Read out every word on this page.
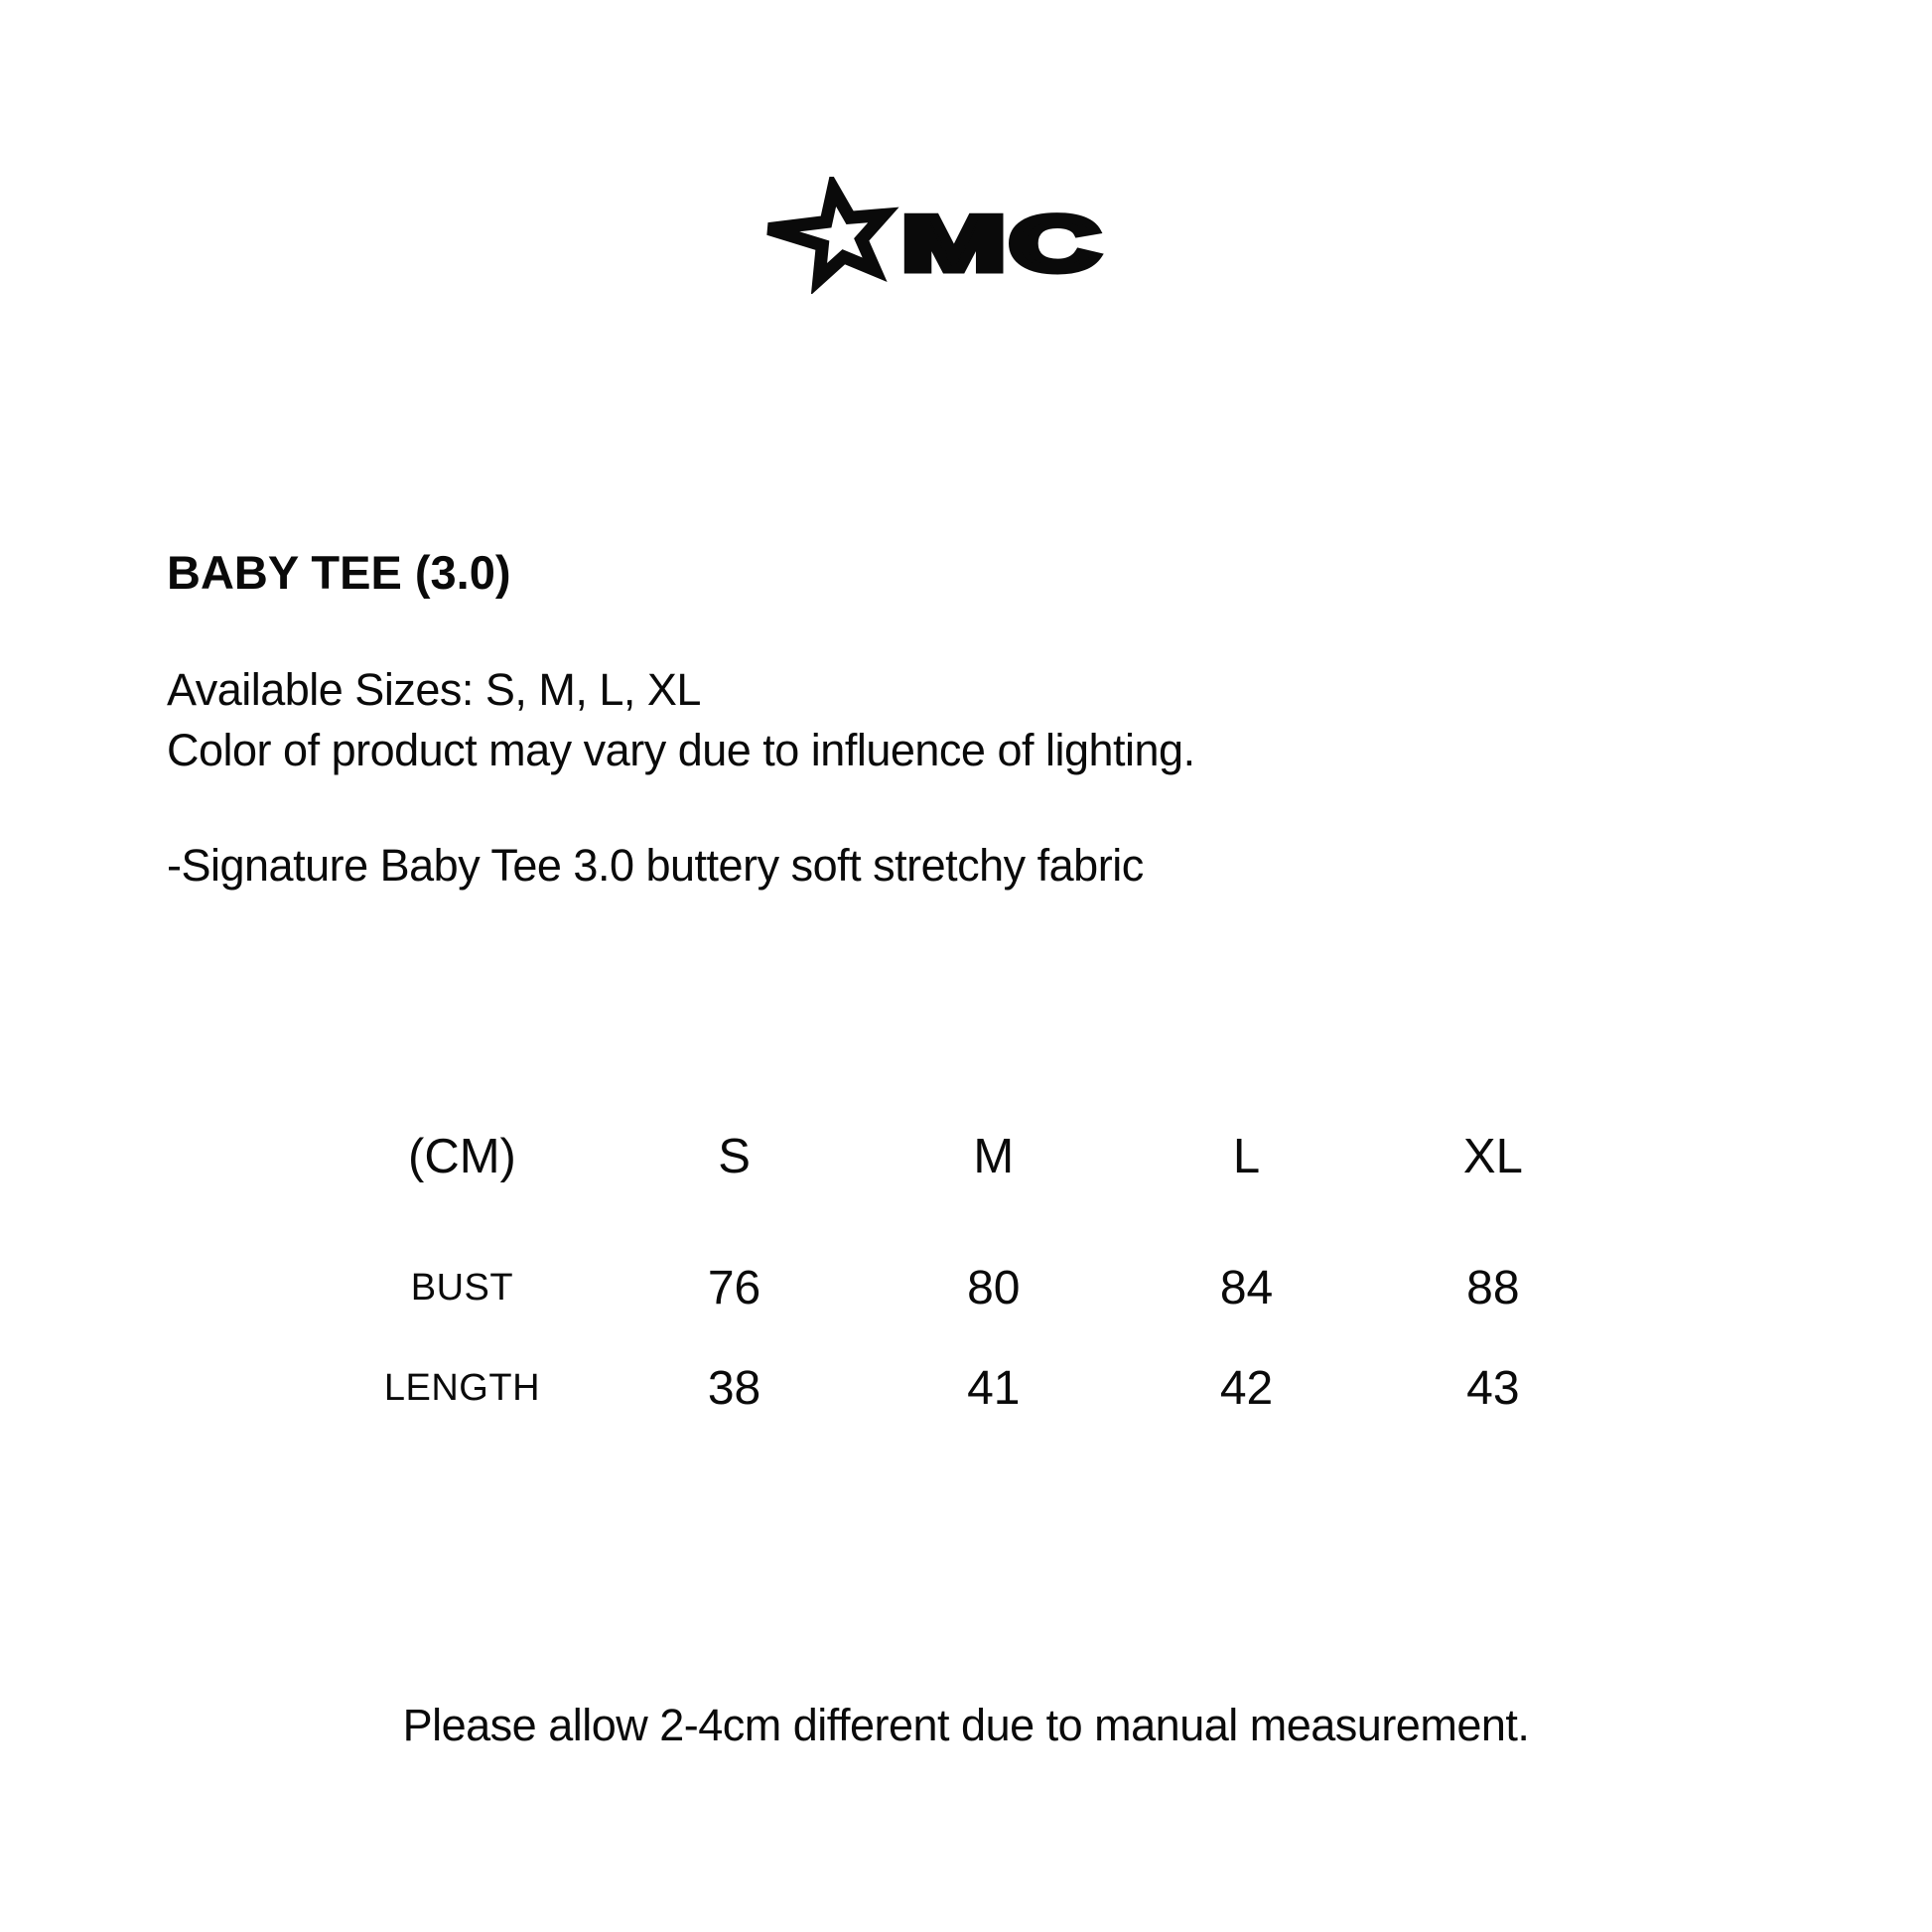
MC
BABY TEE (3.0)
Available Sizes: S, M, L, XL
Color of product may vary due to influence of lighting.
-Signature Baby Tee 3.0 buttery soft stretchy fabric
(CM)	S	M	L	XL
BUST	76	80	84	88
LENGTH	38	41	42	43
Please allow 2-4cm different due to manual measurement.
